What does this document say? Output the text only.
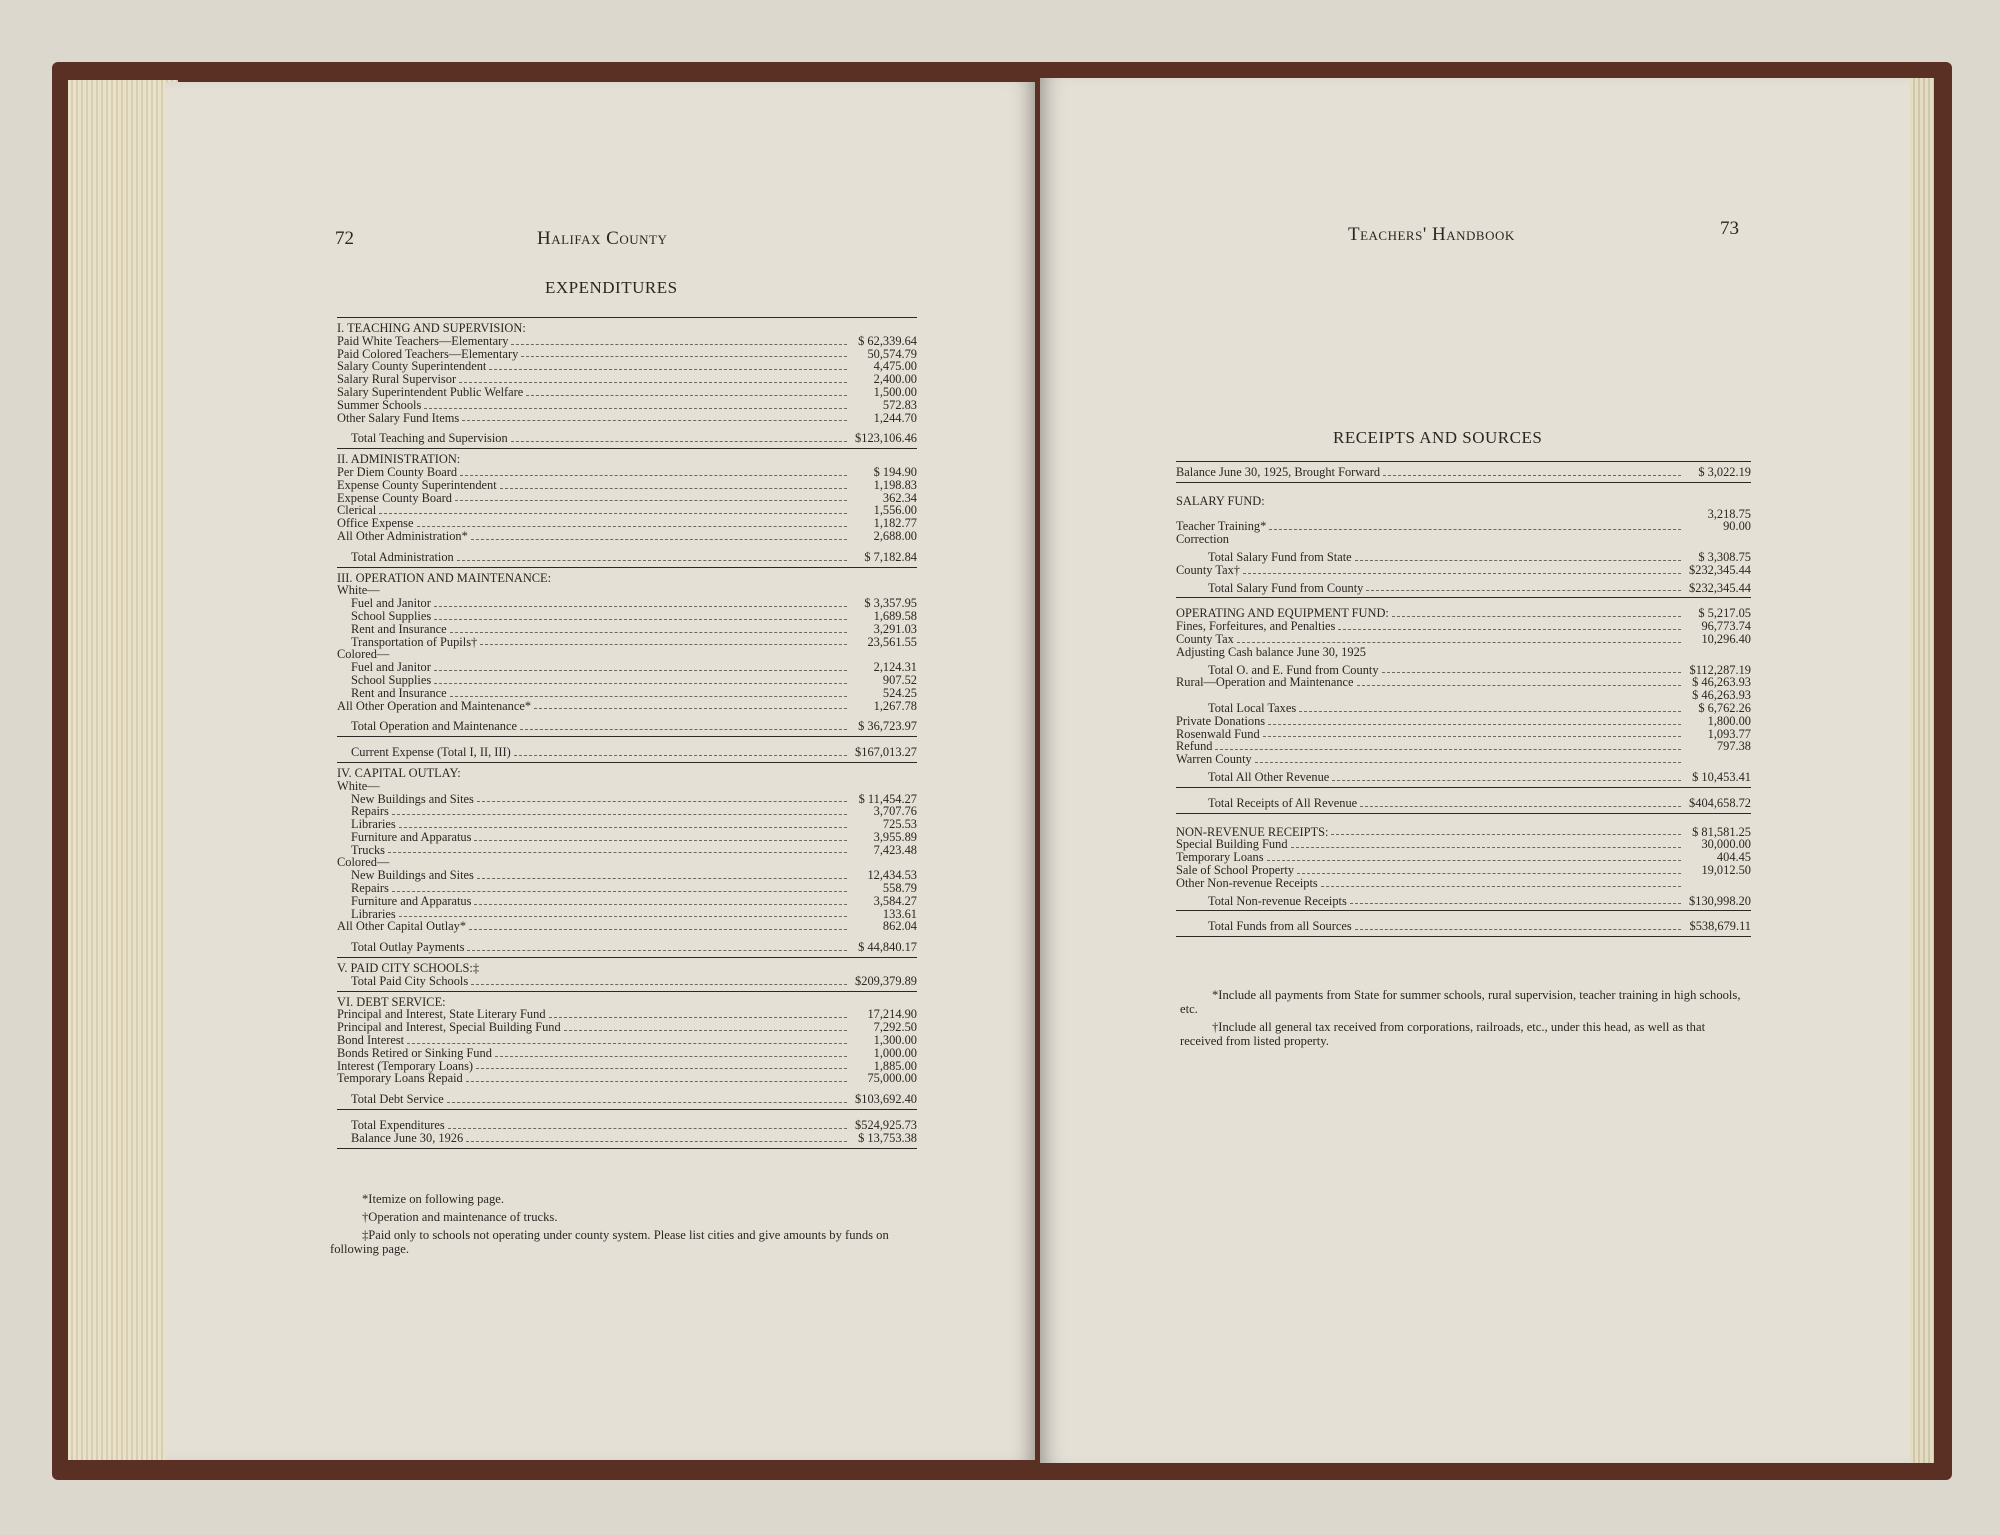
72	Halifax County
EXPENDITURES
I. TEACHING AND SUPERVISION:
Paid White Teachers—Elementary	$ 62,339.64
Paid Colored Teachers—Elementary	50,574.79
Salary County Superintendent	4,475.00
Salary Rural Supervisor	2,400.00
Salary Superintendent Public Welfare	1,500.00
Summer Schools	572.83
Other Salary Fund Items	1,244.70
Total Teaching and Supervision	$123,106.46
II. ADMINISTRATION:
Per Diem County Board	$ 194.90
Expense County Superintendent	1,198.83
Expense County Board	362.34
Clerical	1,556.00
Office Expense	1,182.77
All Other Administration*	2,688.00
Total Administration	$ 7,182.84
III. OPERATION AND MAINTENANCE:
White—
Fuel and Janitor	$ 3,357.95
School Supplies	1,689.58
Rent and Insurance	3,291.03
Transportation of Pupils†	23,561.55
Colored—
Fuel and Janitor	2,124.31
School Supplies	907.52
Rent and Insurance	524.25
All Other Operation and Maintenance*	1,267.78
Total Operation and Maintenance	$ 36,723.97
Current Expense (Total I, II, III)	$167,013.27
IV. CAPITAL OUTLAY:
White—
New Buildings and Sites	$ 11,454.27
Repairs	3,707.76
Libraries	725.53
Furniture and Apparatus	3,955.89
Trucks	7,423.48
Colored—
New Buildings and Sites	12,434.53
Repairs	558.79
Furniture and Apparatus	3,584.27
Libraries	133.61
All Other Capital Outlay*	862.04
Total Outlay Payments	$ 44,840.17
V. PAID CITY SCHOOLS:‡
Total Paid City Schools	$209,379.89
VI. DEBT SERVICE:
Principal and Interest, State Literary Fund	17,214.90
Principal and Interest, Special Building Fund	7,292.50
Bond Interest	1,300.00
Bonds Retired or Sinking Fund	1,000.00
Interest (Temporary Loans)	1,885.00
Temporary Loans Repaid	75,000.00
Total Debt Service	$103,692.40
Total Expenditures	$524,925.73
Balance June 30, 1926	$ 13,753.38
*Itemize on following page.
†Operation and maintenance of trucks.
‡Paid only to schools not operating under county system. Please list cities and give amounts by funds on following page.
Teachers' Handbook	73
RECEIPTS AND SOURCES
Balance June 30, 1925, Brought Forward	$ 3,022.19
SALARY FUND:
3,218.75
Teacher Training*	90.00
Correction
Total Salary Fund from State	$ 3,308.75
County Tax†	$232,345.44
Total Salary Fund from County	$232,345.44
OPERATING AND EQUIPMENT FUND:	$ 5,217.05
Fines, Forfeitures, and Penalties	96,773.74
County Tax	10,296.40
Adjusting Cash balance June 30, 1925
Total O. and E. Fund from County	$112,287.19
Rural—Operation and Maintenance	$ 46,263.93
$ 46,263.93
Total Local Taxes	$ 6,762.26
Private Donations	1,800.00
Rosenwald Fund	1,093.77
Refund	797.38
Warren County
Total All Other Revenue	$ 10,453.41
Total Receipts of All Revenue	$404,658.72
NON-REVENUE RECEIPTS:	$ 81,581.25
Special Building Fund	30,000.00
Temporary Loans	404.45
Sale of School Property	19,012.50
Other Non-revenue Receipts
Total Non-revenue Receipts	$130,998.20
Total Funds from all Sources	$538,679.11
*Include all payments from State for summer schools, rural supervision, teacher training in high schools, etc.
†Include all general tax received from corporations, railroads, etc., under this head, as well as that received from listed property.
